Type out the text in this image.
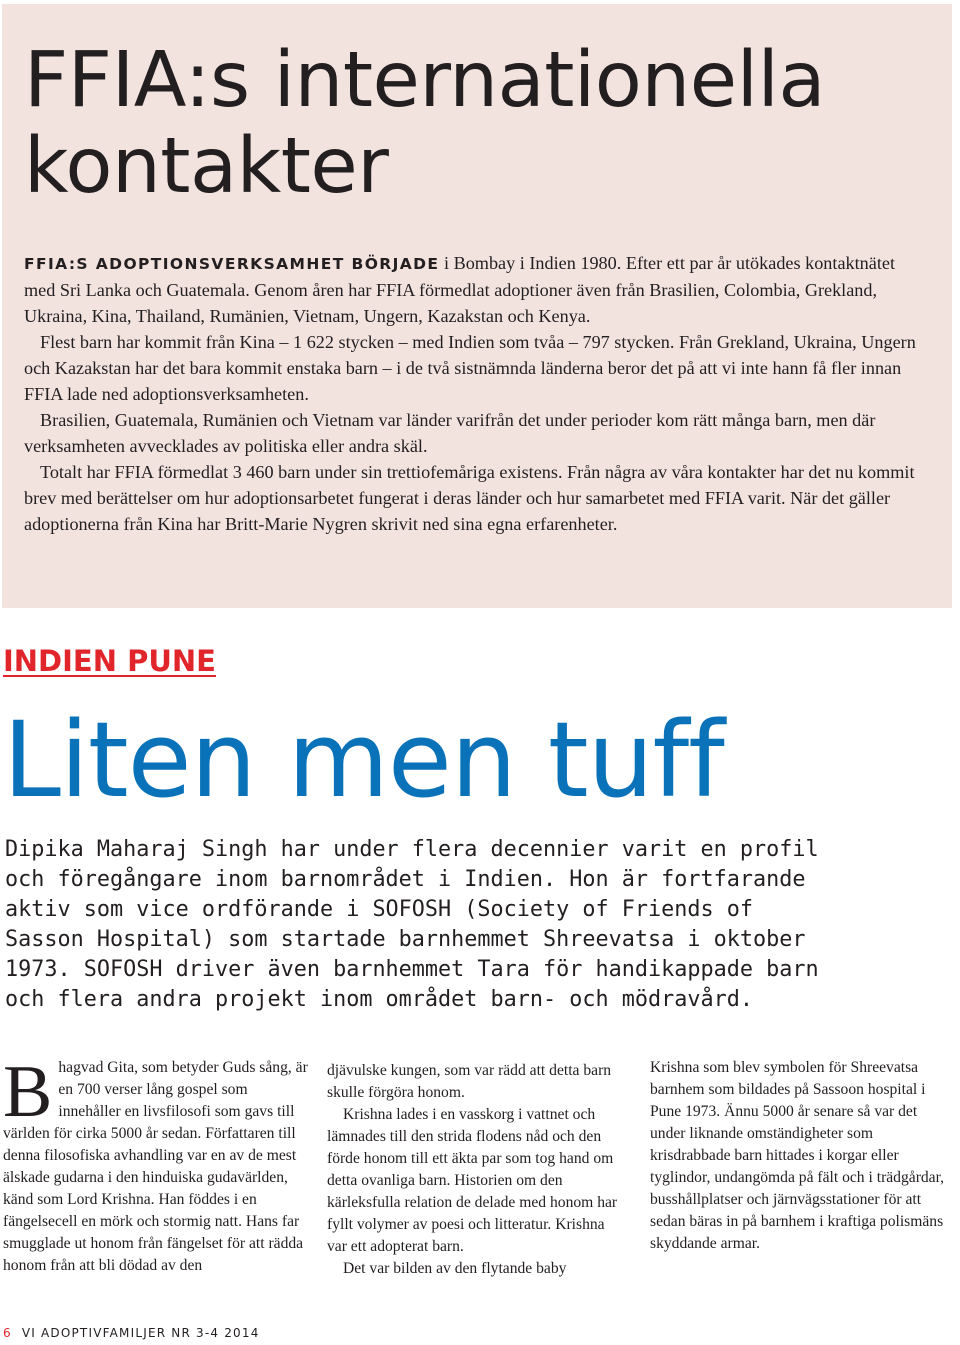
FFIA:s internationella
kontakter

FFIA:S ADOPTIONSVERKSAMHET BÖRJADE i Bombay i Indien 1980. Efter ett par år utökades kontaktnätet med Sri Lanka och Guatemala. Genom åren har FFIA förmedlat adoptioner även från Brasilien, Colombia, Grekland, Ukraina, Kina, Thailand, Rumänien, Vietnam, Ungern, Kazakstan och Kenya.

Flest barn har kommit från Kina – 1 622 stycken – med Indien som tvåa – 797 stycken. Från Grekland, Ukraina, Ungern och Kazakstan har det bara kommit enstaka barn – i de två sistnämnda länderna beror det på att vi inte hann få fler innan FFIA lade ned adoptionsverksamheten.

Brasilien, Guatemala, Rumänien och Vietnam var länder varifrån det under perioder kom rätt många barn, men där verksamheten avvecklades av politiska eller andra skäl.

Totalt har FFIA förmedlat 3 460 barn under sin trettiofemåriga existens. Från några av våra kontakter har det nu kommit brev med berättelser om hur adoptionsarbetet fungerat i deras länder och hur samarbetet med FFIA varit. När det gäller adoptionerna från Kina har Britt-Marie Nygren skrivit ned sina egna erfarenheter.

INDIEN PUNE
Liten men tuff

Dipika Maharaj Singh har under flera decennier varit en profil och föregångare inom barnområdet i Indien. Hon är fortfarande aktiv som vice ordförande i SOFOSH (Society of Friends of Sasson Hospital) som startade barnhemmet Shreevatsa i oktober 1973. SOFOSH driver även barnhemmet Tara för handikappade barn och flera andra projekt inom området barn- och mödravård.

Bhagvad Gita, som betyder Guds sång, är en 700 verser lång gospel som innehåller en livsfilosofi som gavs till världen för cirka 5000 år sedan. Författaren till denna filosofiska avhandling var en av de mest älskade gudarna i den hinduiska gudavärlden, känd som Lord Krishna. Han föddes i en fängelsecell en mörk och stormig natt. Hans far smugglade ut honom från fängelset för att rädda honom från att bli dödad av den

djävulske kungen, som var rädd att detta barn skulle förgöra honom.

Krishna lades i en vasskorg i vattnet och lämnades till den strida flodens nåd och den förde honom till ett äkta par som tog hand om detta ovanliga barn. Historien om den kärleksfulla relation de delade med honom har fyllt volymer av poesi och litteratur. Krishna var ett adopterat barn.

Det var bilden av den flytande baby

Krishna som blev symbolen för Shreevatsa barnhem som bildades på Sassoon hospital i Pune 1973. Ännu 5000 år senare så var det under liknande omständigheter som krisdrabbade barn hittades i korgar eller tyglindor, undangömda på fält och i trädgårdar, busshållplatser och järnvägsstationer för att sedan bäras in på barnhem i kraftiga polismäns skyddande armar.

6 VI ADOPTIVFAMILJER NR 3-4 2014
